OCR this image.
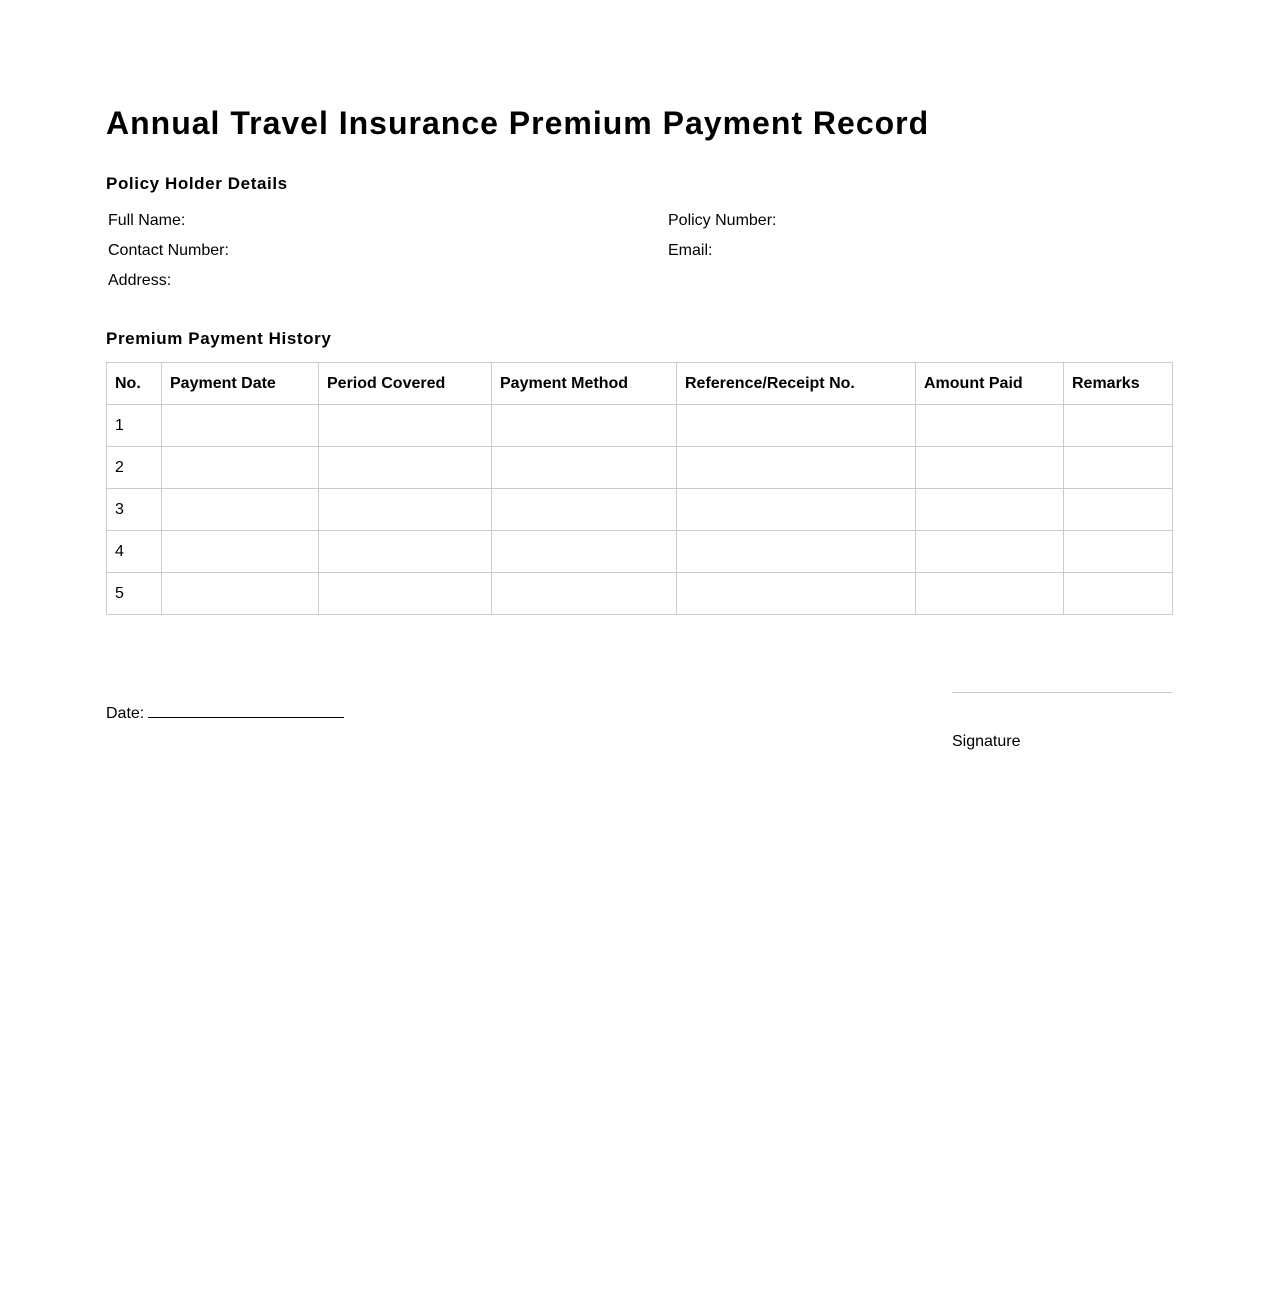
Annual Travel Insurance Premium Payment Record
Policy Holder Details
Full Name:	Policy Number:
Contact Number:	Email:
Address:
Premium Payment History
No.	Payment Date	Period Covered	Payment Method	Reference/Receipt No.	Amount Paid	Remarks
1						
2						
3						
4						
5						
Date:
Signature
